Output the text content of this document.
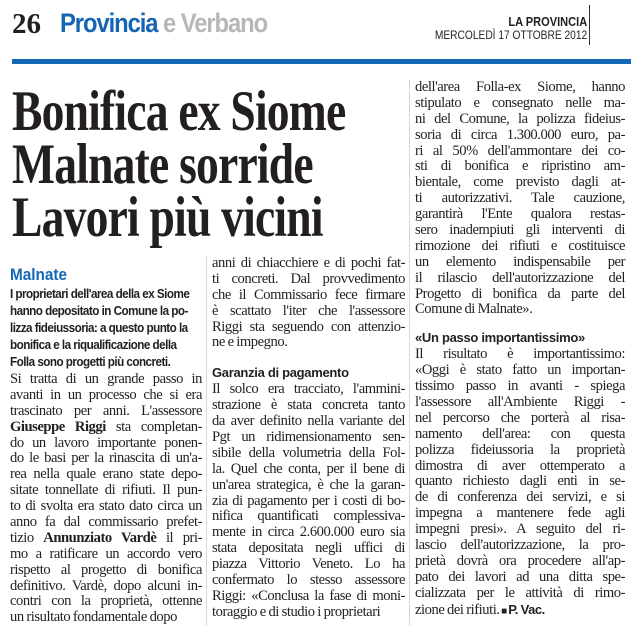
26 Provincia e Verbano	LA PROVINCIA
MERCOLEDÌ 17 OTTOBRE 2012
Bonifica ex Siome
Malnate sorride
Lavori più vicini
Malnate
I proprietari dell'area della ex Siome
hanno depositato in Comune la po-
lizza fideiussoria: a questo punto la
bonifica e la riqualificazione della
Folla sono progetti più concreti.
Si tratta di un grande passo in
avanti in un processo che si era
trascinato per anni. L'assessore
Giuseppe Riggi sta completan-
do un lavoro importante ponen-
do le basi per la rinascita di un'a-
rea nella quale erano state depo-
sitate tonnellate di rifiuti. Il pun-
to di svolta era stato dato circa un
anno fa dal commissario prefet-
tizio Annunziato Vardè il pri-
mo a ratificare un accordo vero
rispetto al progetto di bonifica
definitivo. Vardè, dopo alcuni in-
contri con la proprietà, ottenne
un risultato fondamentale dopo
anni di chiacchiere e di pochi fat-
ti concreti. Dal provvedimento
che il Commissario fece firmare
è scattato l'iter che l'assessore
Riggi sta seguendo con attenzio-
ne e impegno.
Garanzia di pagamento
Il solco era tracciato, l'ammini-
strazione è stata concreta tanto
da aver definito nella variante del
Pgt un ridimensionamento sen-
sibile della volumetria della Fol-
la. Quel che conta, per il bene di
un'area strategica, è che la garan-
zia di pagamento per i costi di bo-
nifica quantificati complessiva-
mente in circa 2.600.000 euro sia
stata depositata negli uffici di
piazza Vittorio Veneto. Lo ha
confermato lo stesso assessore
Riggi: «Conclusa la fase di moni-
toraggio e di studio i proprietari
dell'area Folla-ex Siome, hanno
stipulato e consegnato nelle ma-
ni del Comune, la polizza fideius-
soria di circa 1.300.000 euro, pa-
ri al 50% dell'ammontare dei co-
sti di bonifica e ripristino am-
bientale, come previsto dagli at-
ti autorizzativi. Tale cauzione,
garantirà l'Ente qualora restas-
sero inadempiuti gli interventi di
rimozione dei rifiuti e costituisce
un elemento indispensabile per
il rilascio dell'autorizzazione del
Progetto di bonifica da parte del
Comune di Malnate».
«Un passo importantissimo»
Il risultato è importantissimo:
«Oggi è stato fatto un importan-
tissimo passo in avanti - spiega
l'assessore all'Ambiente Riggi -
nel percorso che porterà al risa-
namento dell'area: con questa
polizza fideiussoria la proprietà
dimostra di aver ottemperato a
quanto richiesto dagli enti in se-
de di conferenza dei servizi, e si
impegna a mantenere fede agli
impegni presi». A seguito del ri-
lascio dell'autorizzazione, la pro-
prietà dovrà ora procedere all'ap-
pato dei lavori ad una ditta spe-
cializzata per le attività di rimo-
zione dei rifiuti. ■ P. Vac.
